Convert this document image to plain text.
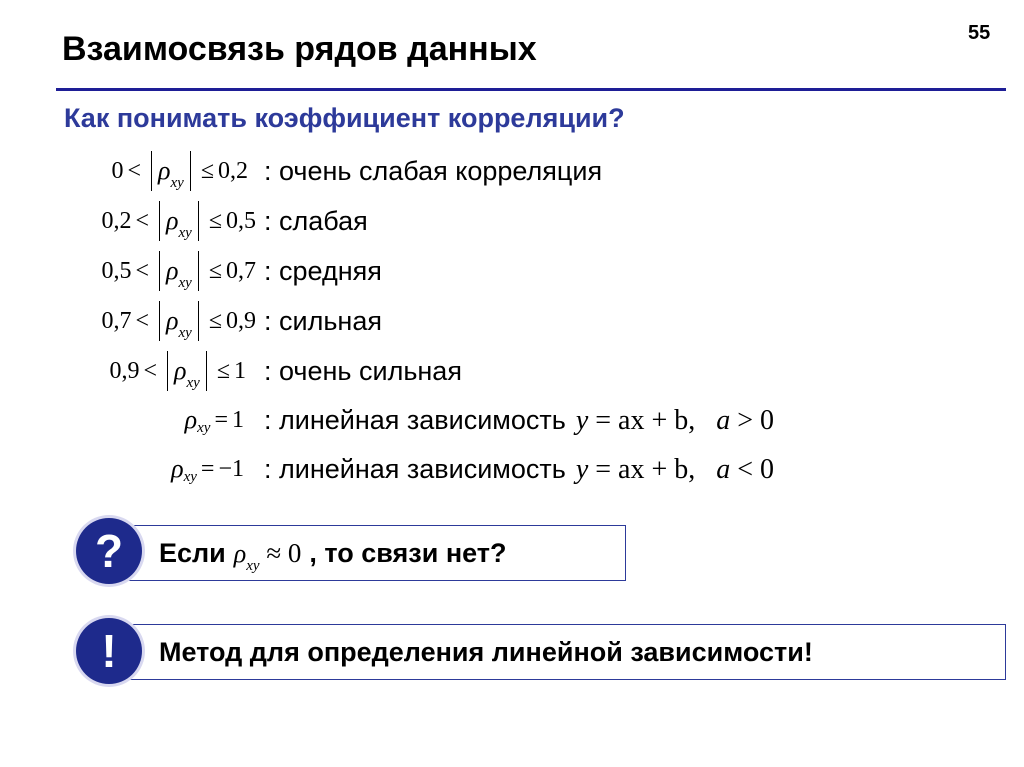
55
Взаимосвязь рядов данных
Как понимать коэффициент корреляции?
$0 < \rho_{xy} \le 0,2$ : очень слабая корреляция
$0,2 < \rho_{xy} \le 0,5$ : слабая
$0,5 < \rho_{xy} \le 0,7$ : средняя
$0,7 < \rho_{xy} \le 0,9$ : сильная
$0,9 < \rho_{xy} \le 1$ : очень сильная
ρ xy = 1 : линейная зависимость y = ax + b, a > 0
ρ xy = −1 : линейная зависимость y = ax + b, a < 0
Если $\rho_{xy} \approx 0$ , то связи нет?
?
Метод для определения линейной зависимости!
!
